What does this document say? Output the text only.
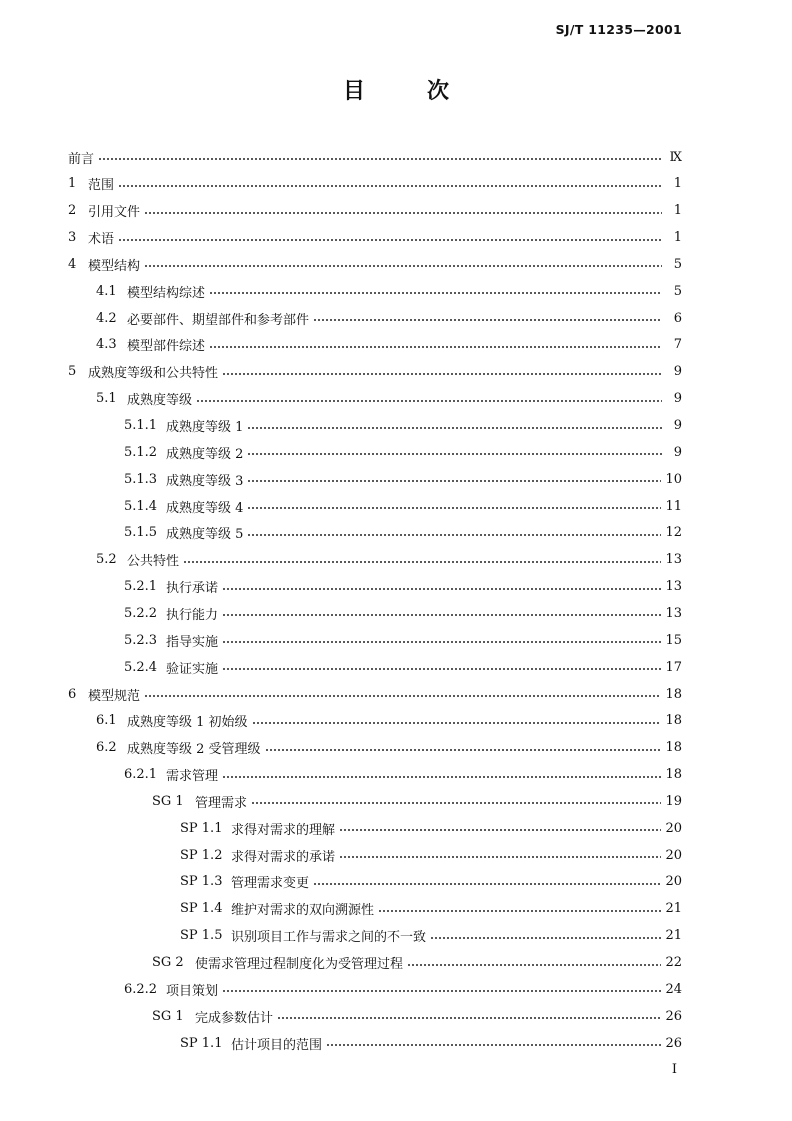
SJ/T 11235—2001
目	次
前言	Ⅸ
1 范围	1
2 引用文件	1
3 术语	1
4 模型结构	5
4.1 模型结构综述	5
4.2 必要部件、期望部件和参考部件	6
4.3 模型部件综述	7
5 成熟度等级和公共特性	9
5.1 成熟度等级	9
5.1.1 成熟度等级 1	9
5.1.2 成熟度等级 2	9
5.1.3 成熟度等级 3	10
5.1.4 成熟度等级 4	11
5.1.5 成熟度等级 5	12
5.2 公共特性	13
5.2.1 执行承诺	13
5.2.2 执行能力	13
5.2.3 指导实施	15
5.2.4 验证实施	17
6 模型规范	18
6.1 成熟度等级 1 初始级	18
6.2 成熟度等级 2 受管理级	18
6.2.1 需求管理	18
SG 1 管理需求	19
SP 1.1 求得对需求的理解	20
SP 1.2 求得对需求的承诺	20
SP 1.3 管理需求变更	20
SP 1.4 维护对需求的双向溯源性	21
SP 1.5 识别项目工作与需求之间的不一致	21
SG 2 使需求管理过程制度化为受管理过程	22
6.2.2 项目策划	24
SG 1 完成参数估计	26
SP 1.1 估计项目的范围	26
I
